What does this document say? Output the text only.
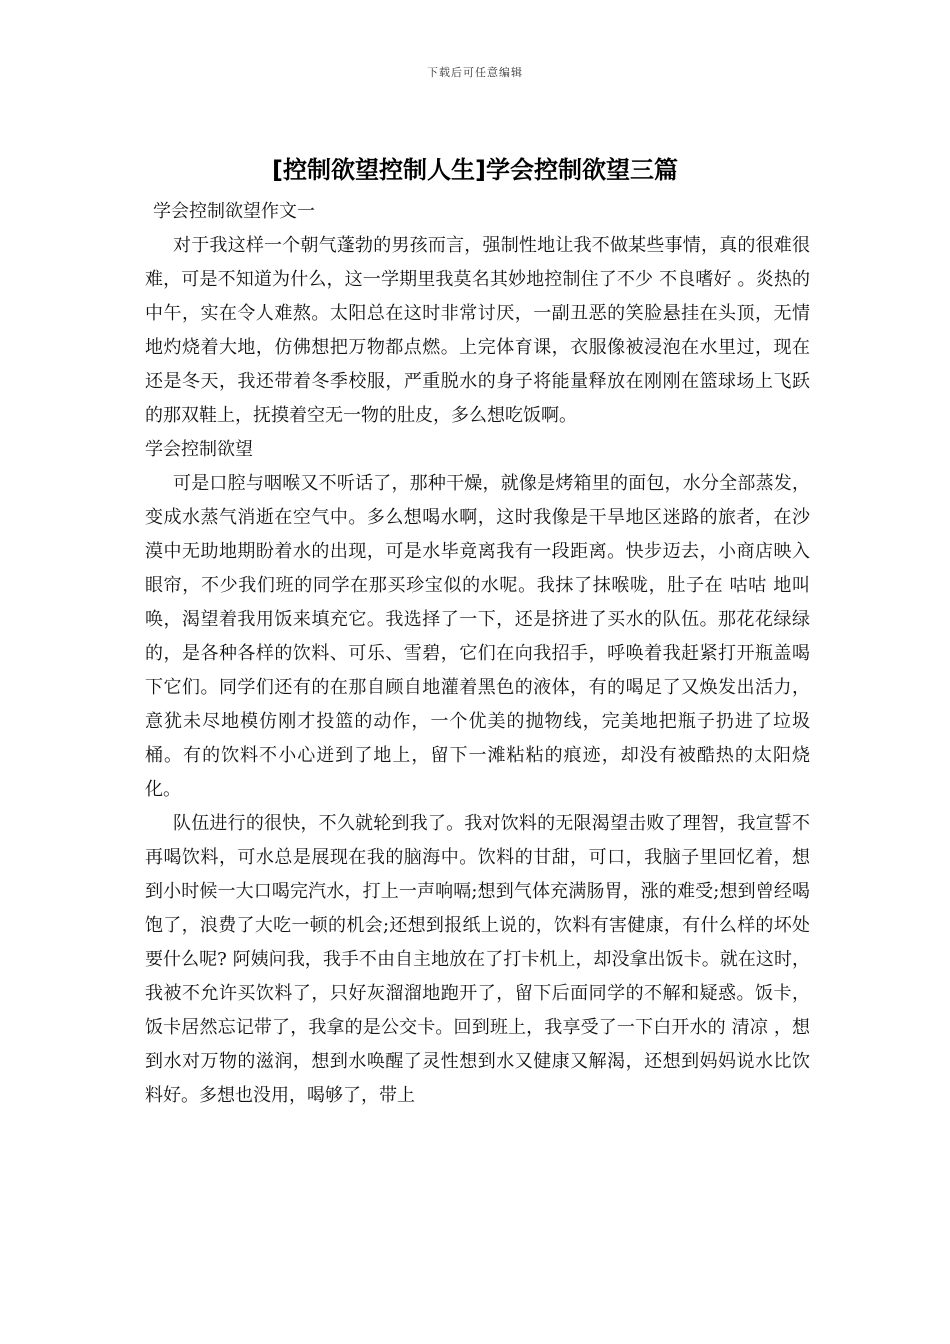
下载后可任意编辑
[控制欲望控制人生]学会控制欲望三篇

学会控制欲望作文一

对于我这样一个朝气蓬勃的男孩而言，强制性地让我不做某些事情，真的很难很难，可是不知道为什么，这一学期里我莫名其妙地控制住了不少 不良嗜好 。炎热的中午，实在令人难熬。太阳总在这时非常讨厌，一副丑恶的笑脸悬挂在头顶，无情地灼烧着大地，仿佛想把万物都点燃。上完体育课，衣服像被浸泡在水里过，现在还是冬天，我还带着冬季校服，严重脱水的身子将能量释放在刚刚在篮球场上飞跃的那双鞋上，抚摸着空无一物的肚皮，多么想吃饭啊。

学会控制欲望

可是口腔与咽喉又不听话了，那种干燥，就像是烤箱里的面包，水分全部蒸发，变成水蒸气消逝在空气中。多么想喝水啊，这时我像是干旱地区迷路的旅者，在沙漠中无助地期盼着水的出现，可是水毕竟离我有一段距离。快步迈去，小商店映入眼帘，不少我们班的同学在那买珍宝似的水呢。我抹了抹喉咙，肚子在 咕咕 地叫唤，渴望着我用饭来填充它。我选择了一下，还是挤进了买水的队伍。那花花绿绿的，是各种各样的饮料、可乐、雪碧，它们在向我招手，呼唤着我赶紧打开瓶盖喝下它们。同学们还有的在那自顾自地灌着黑色的液体，有的喝足了又焕发出活力，意犹未尽地模仿刚才投篮的动作，一个优美的抛物线，完美地把瓶子扔进了垃圾桶。有的饮料不小心迸到了地上，留下一滩粘粘的痕迹，却没有被酷热的太阳烧化。

队伍进行的很快，不久就轮到我了。我对饮料的无限渴望击败了理智，我宣誓不再喝饮料，可水总是展现在我的脑海中。饮料的甘甜，可口，我脑子里回忆着，想到小时候一大口喝完汽水，打上一声响嗝;想到气体充满肠胃，涨的难受;想到曾经喝饱了，浪费了大吃一顿的机会;还想到报纸上说的，饮料有害健康，有什么样的坏处 要什么呢? 阿姨问我，我手不由自主地放在了打卡机上，却没拿出饭卡。就在这时，我被不允许买饮料了，只好灰溜溜地跑开了，留下后面同学的不解和疑惑。饭卡，饭卡居然忘记带了，我拿的是公交卡。回到班上，我享受了一下白开水的 清凉 ，想到水对万物的滋润，想到水唤醒了灵性想到水又健康又解渴，还想到妈妈说水比饮料好。多想也没用，喝够了，带上
